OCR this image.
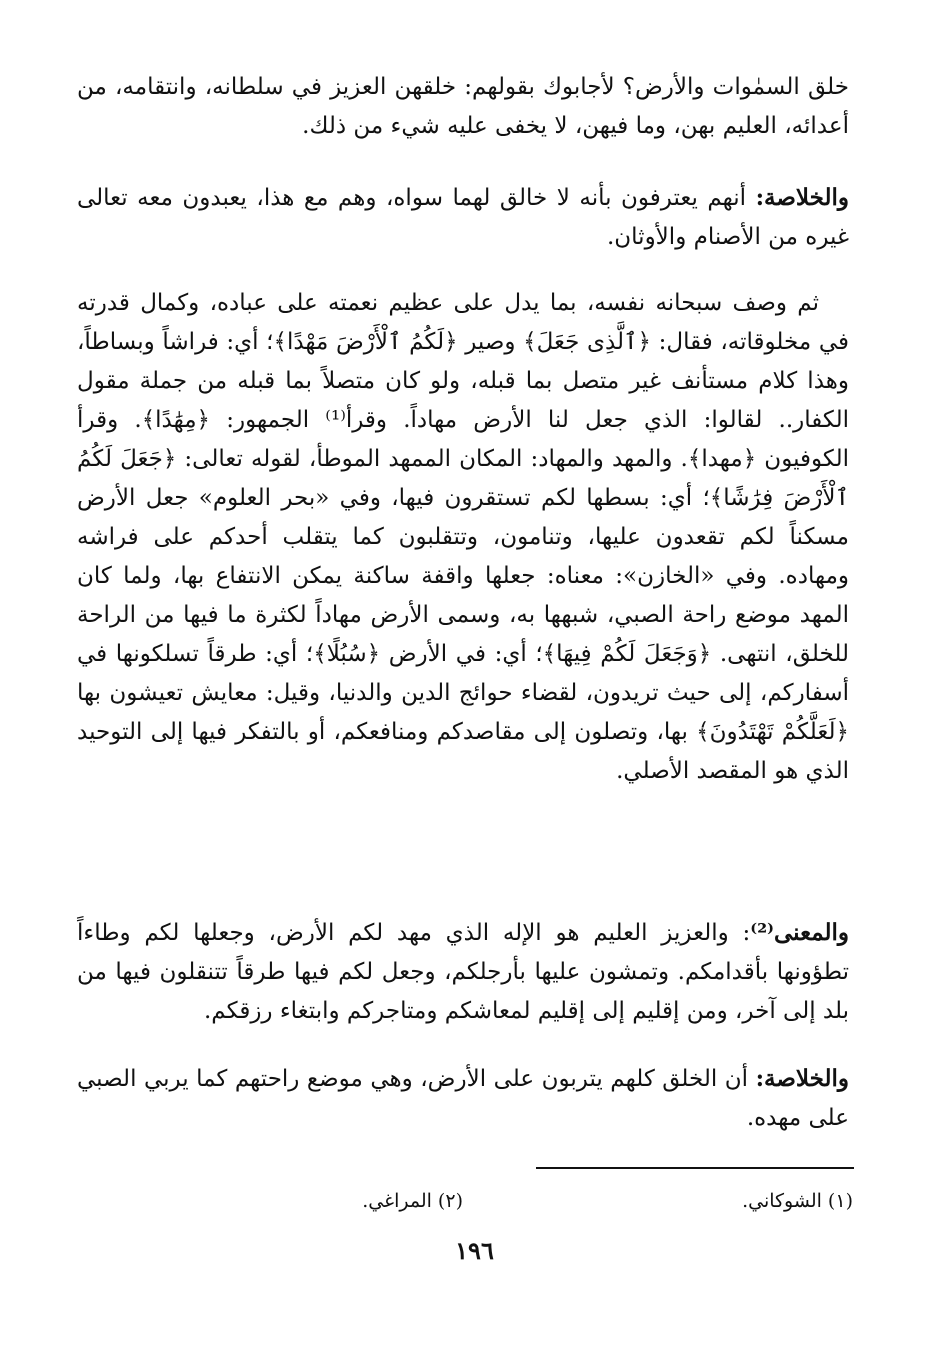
خلق السمٰوات والأرض؟ لأجابوك بقولهم: خلقهن العزيز في سلطانه، وانتقامه، من أعدائه، العليم بهن، وما فيهن، لا يخفى عليه شيء من ذلك.

والخلاصة: أنهم يعترفون بأنه لا خالق لهما سواه، وهم مع هذا، يعبدون معه تعالى غيره من الأصنام والأوثان.

ثم وصف سبحانه نفسه، بما يدل على عظيم نعمته على عباده، وكمال قدرته في مخلوقاته، فقال: ﴿ٱلَّذِى جَعَلَ﴾ وصير ﴿لَكُمُ ٱلْأَرْضَ مَهْدًا﴾؛ أي: فراشاً وبساطاً، وهذا كلام مستأنف غير متصل بما قبله، ولو كان متصلاً بما قبله من جملة مقول الكفار.. لقالوا: الذي جعل لنا الأرض مهاداً. وقرأ⁽¹⁾ الجمهور: ﴿مِهَٰدًا﴾. وقرأ الكوفيون ﴿مهدا﴾. والمهد والمهاد: المكان الممهد الموطأ، لقوله تعالى: ﴿جَعَلَ لَكُمُ ٱلْأَرْضَ فِرَٰشًا﴾؛ أي: بسطها لكم تستقرون فيها، وفي «بحر العلوم» جعل الأرض مسكناً لكم تقعدون عليها، وتنامون، وتتقلبون كما يتقلب أحدكم على فراشه ومهاده. وفي «الخازن»: معناه: جعلها واقفة ساكنة يمكن الانتفاع بها، ولما كان المهد موضع راحة الصبي، شبهها به، وسمى الأرض مهاداً لكثرة ما فيها من الراحة للخلق، انتهى. ﴿وَجَعَلَ لَكُمْ فِيهَا﴾؛ أي: في الأرض ﴿سُبُلًا﴾؛ أي: طرقاً تسلكونها في أسفاركم، إلى حيث تريدون، لقضاء حوائج الدين والدنيا، وقيل: معايش تعيشون بها ﴿لَعَلَّكُمْ تَهْتَدُونَ﴾ بها، وتصلون إلى مقاصدكم ومنافعكم، أو بالتفكر فيها إلى التوحيد الذي هو المقصد الأصلي.

والمعنى⁽²⁾: والعزيز العليم هو الإله الذي مهد لكم الأرض، وجعلها لكم وطاءاً تطؤونها بأقدامكم. وتمشون عليها بأرجلكم، وجعل لكم فيها طرقاً تتنقلون فيها من بلد إلى آخر، ومن إقليم إلى إقليم لمعاشكم ومتاجركم وابتغاء رزقكم.

والخلاصة: أن الخلق كلهم يتربون على الأرض، وهي موضع راحتهم كما يربي الصبي على مهده.

(١) الشوكاني.
(٢) المراغي.
١٩٦
